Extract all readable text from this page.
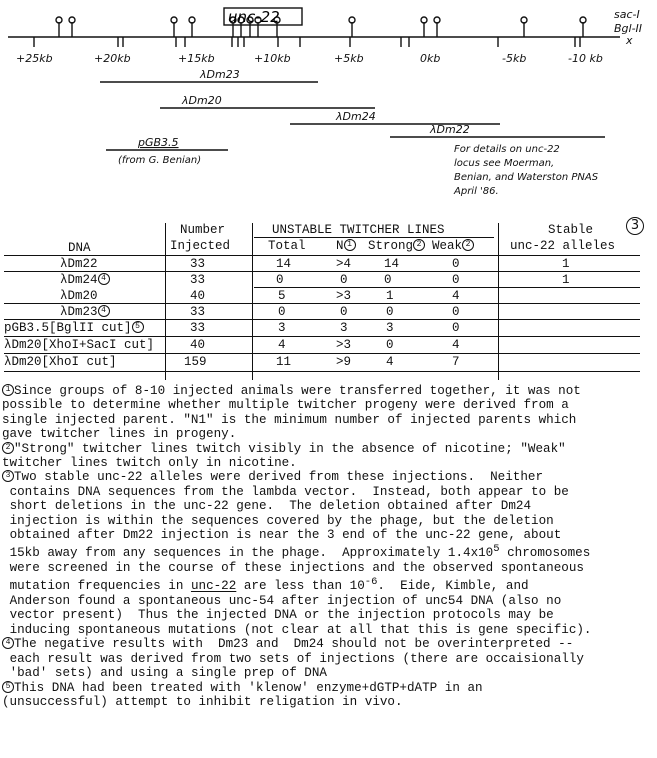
unc-22	sac-I
Bgl-II
x
+25kb	+20kb	+15kb	+10kb	+5kb	0kb	-5kb	-10 kb
λDm23
λDm20
λDm24
λDm22
pGB3.5
(from G. Benian)
For details on unc-22
locus see Moerman,
Benian, and Waterston PNAS
April '86.
Number
Injected
UNSTABLE TWITCHER LINES	Stable	3
unc-22 alleles
DNA	Total N 1 Strong 2 Weak 2
λDm22	33	14	>4	14	0	1
λDm24 4	33	0	0	0	0	1
λDm20	40	5	>3	1	4
λDm23 4	33	0	0	0	0
pGB3.5[BglII cut] 5	33	3	3	3	0
λDm20[XhoI+SacI cut]	40	4	>3	0	4
λDm20[XhoI cut]	159	11	>9	4	7

1 Since groups of 8-10 injected animals were transferred together, it was not
possible to determine whether multiple twitcher progeny were derived from a
single injected parent. "N1" is the minimum number of injected parents which
gave twitcher lines in progeny.

2 "Strong" twitcher lines twitch visibly in the absence of nicotine; "Weak"
twitcher lines twitch only in nicotine.

3 Two stable unc-22 alleles were derived from these injections.  Neither
contains DNA sequences from the lambda vector.  Instead, both appear to be
short deletions in the unc-22 gene.  The deletion obtained after Dm24
injection is within the sequences covered by the phage, but the deletion
obtained after Dm22 injection is near the 3 end of the unc-22 gene, about
15kb away from any sequences in the phage.  Approximately $1.4x10^5$ chromosomes
were screened in the course of these injections and the observed spontaneous
mutation frequencies in unc-22 are less than $10^{-6}$.  Eide, Kimble, and
Anderson found a spontaneous unc-54 after injection of unc54 DNA (also no
vector present)  Thus the injected DNA or the injection protocols may be
inducing spontaneous mutations (not clear at all that this is gene specific).

4 The negative results with  Dm23 and  Dm24 should not be overinterpreted --
each result was derived from two sets of injections (there are occaisionally
'bad' sets) and using a single prep of DNA

5 This DNA had been treated with 'klenow' enzyme+dGTP+dATP in an
(unsuccessful) attempt to inhibit religation in vivo.
